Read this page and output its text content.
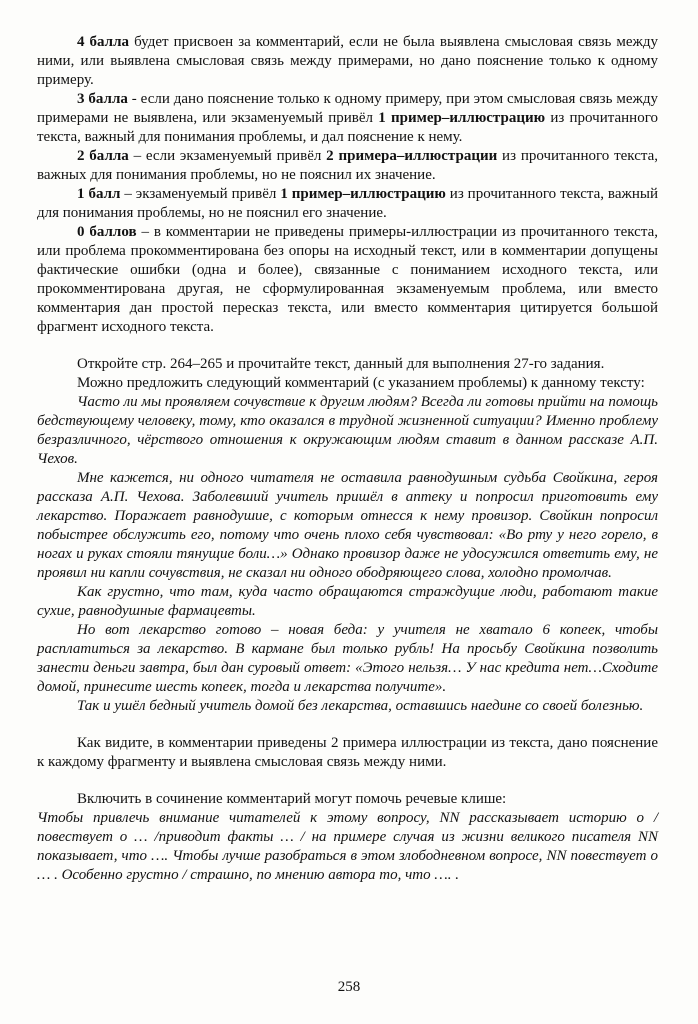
4 балла будет присвоен за комментарий, если не была выявлена смысловая связь между ними, или выявлена смысловая связь между примерами, но дано пояснение только к одному примеру.

3 балла - если дано пояснение только к одному примеру, при этом смысловая связь между примерами не выявлена, или экзаменуемый привёл 1 пример–иллюстрацию из прочитанного текста, важный для понимания проблемы, и дал пояснение к нему.

2 балла – если экзаменуемый привёл 2 примера–иллюстрации из прочитанного текста, важных для понимания проблемы, но не пояснил их значение.

1 балл – экзаменуемый привёл 1 пример–иллюстрацию из прочитанного текста, важный для понимания проблемы, но не пояснил его значение.

0 баллов – в комментарии не приведены примеры-иллюстрации из прочитанного текста, или проблема прокомментирована без опоры на исходный текст, или в комментарии допущены фактические ошибки (одна и более), связанные с пониманием исходного текста, или прокомментирована другая, не сформулированная экзаменуемым проблема, или вместо комментария дан простой пересказ текста, или вместо комментария цитируется большой фрагмент исходного текста.

Откройте стр. 264–265 и прочитайте текст, данный для выполнения 27-го задания.

Можно предложить следующий комментарий (с указанием проблемы) к данному тексту:

Часто ли мы проявляем сочувствие к другим людям? Всегда ли готовы прийти на помощь бедствующему человеку, тому, кто оказался в трудной жизненной ситуации? Именно проблему безразличного, чёрствого отношения к окружающим людям ставит в данном рассказе А.П. Чехов.

Мне кажется, ни одного читателя не оставила равнодушным судьба Свойкина, героя рассказа А.П. Чехова. Заболевший учитель пришёл в аптеку и попросил приготовить ему лекарство. Поражает равнодушие, с которым отнесся к нему провизор. Свойкин попросил побыстрее обслужить его, потому что очень плохо себя чувствовал: «Во рту у него горело, в ногах и руках стояли тянущие боли…» Однако провизор даже не удосужился ответить ему, не проявил ни капли сочувствия, не сказал ни одного ободряющего слова, холодно промолчав.

Как грустно, что там, куда часто обращаются страждущие люди, работают такие сухие, равнодушные фармацевты.

Но вот лекарство готово – новая беда: у учителя не хватало 6 копеек, чтобы расплатиться за лекарство. В кармане был только рубль! На просьбу Свойкина позволить занести деньги завтра, был дан суровый ответ: «Этого нельзя… У нас кредита нет…Сходите домой, принесите шесть копеек, тогда и лекарства получите».

Так и ушёл бедный учитель домой без лекарства, оставшись наедине со своей болезнью.

Как видите, в комментарии приведены 2 примера иллюстрации из текста, дано пояснение к каждому фрагменту и выявлена смысловая связь между ними.

Включить в сочинение комментарий могут помочь речевые клише:

Чтобы привлечь внимание читателей к этому вопросу, NN рассказывает историю о /повествует о … /приводит факты … / на примере случая из жизни великого писателя NN показывает, что …. Чтобы лучше разобраться в этом злободневном вопросе, NN повествует о … . Особенно грустно / страшно, по мнению автора то, что …. .

258
